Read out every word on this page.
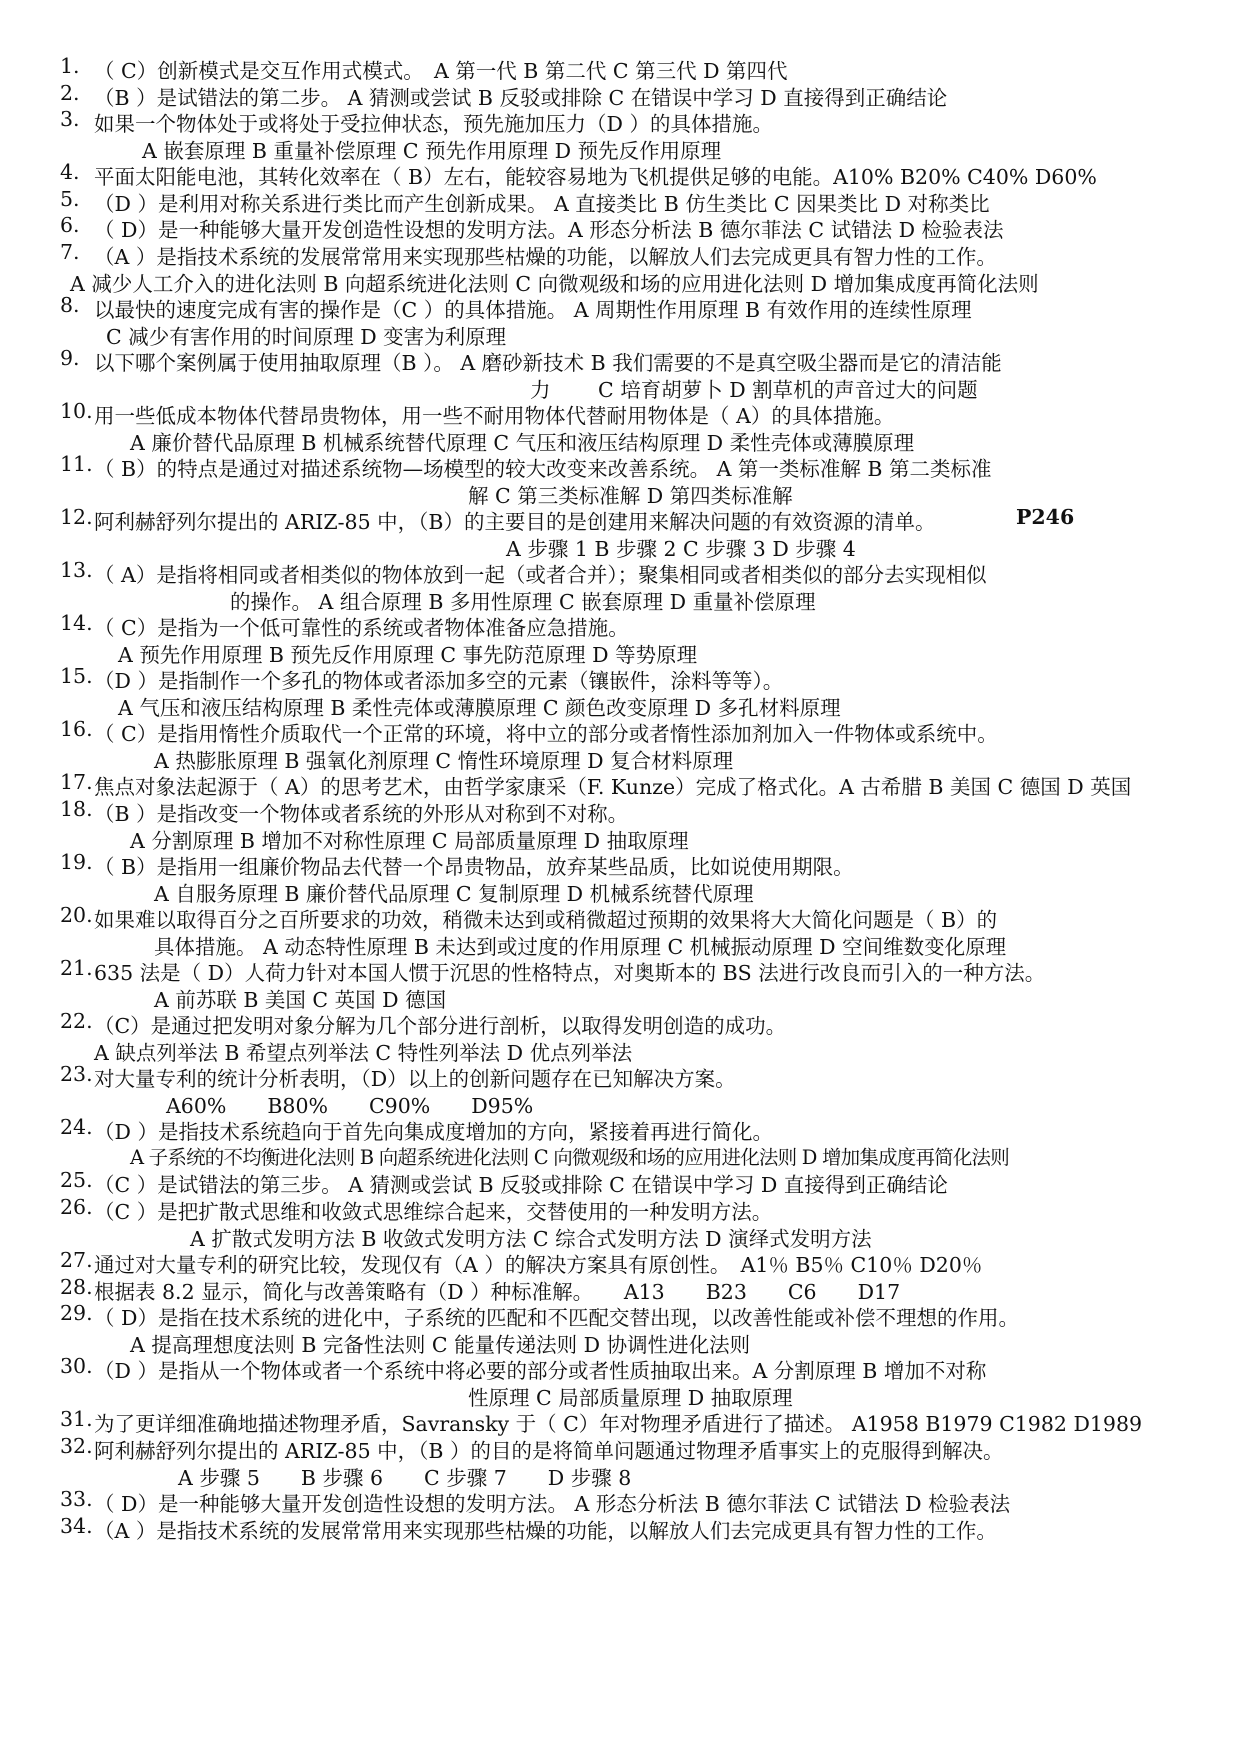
1. （ C）创新模式是交互作用式模式。　A 第一代 B 第二代 C 第三代 D 第四代
2. （B ）是试错法的第二步。 A 猜测或尝试 B 反驳或排除 C 在错误中学习 D 直接得到正确结论
3. 如果一个物体处于或将处于受拉伸状态，预先施加压力（D ）的具体措施。
A 嵌套原理 B 重量补偿原理 C 预先作用原理 D 预先反作用原理
4. 平面太阳能电池，其转化效率在（ B）左右，能较容易地为飞机提供足够的电能。A10% B20% C40% D60%
5. （D ）是利用对称关系进行类比而产生创新成果。 A 直接类比 B 仿生类比 C 因果类比 D 对称类比
6. （ D）是一种能够大量开发创造性设想的发明方法。A 形态分析法 B 德尔菲法 C 试错法 D 检验表法
7. （A ）是指技术系统的发展常常用来实现那些枯燥的功能，以解放人们去完成更具有智力性的工作。
A 减少人工介入的进化法则 B 向超系统进化法则 C 向微观级和场的应用进化法则 D 增加集成度再简化法则
8. 以最快的速度完成有害的操作是（C ）的具体措施。 A 周期性作用原理 B 有效作用的连续性原理
C 减少有害作用的时间原理 D 变害为利原理
9. 以下哪个案例属于使用抽取原理（B ）。 A 磨砂新技术 B 我们需要的不是真空吸尘器而是它的清洁能
力　　 C 培育胡萝卜 D 割草机的声音过大的问题
10. 用一些低成本物体代替昂贵物体，用一些不耐用物体代替耐用物体是（ A）的具体措施。
A 廉价替代品原理 B 机械系统替代原理 C 气压和液压结构原理 D 柔性壳体或薄膜原理
11. （ B）的特点是通过对描述系统物—场模型的较大改变来改善系统。 A 第一类标准解 B 第二类标准
解 C 第三类标准解 D 第四类标准解
12. 阿利赫舒列尔提出的 ARIZ-85 中，（B）的主要目的是创建用来解决问题的有效资源的清单。	P246
A 步骤 1 B 步骤 2 C 步骤 3 D 步骤 4
13. （ A）是指将相同或者相类似的物体放到一起（或者合并）；聚集相同或者相类似的部分去实现相似
的操作。 A 组合原理 B 多用性原理 C 嵌套原理 D 重量补偿原理
14. （ C）是指为一个低可靠性的系统或者物体准备应急措施。
A 预先作用原理 B 预先反作用原理 C 事先防范原理 D 等势原理
15. （D ）是指制作一个多孔的物体或者添加多空的元素（镶嵌件，涂料等等）。
A 气压和液压结构原理 B 柔性壳体或薄膜原理 C 颜色改变原理 D 多孔材料原理
16. （ C）是指用惰性介质取代一个正常的环境，将中立的部分或者惰性添加剂加入一件物体或系统中。
A 热膨胀原理 B 强氧化剂原理 C 惰性环境原理 D 复合材料原理
17. 焦点对象法起源于（ A）的思考艺术，由哲学家康采（F. Kunze）完成了格式化。A 古希腊 B 美国 C 德国 D 英国
18. （B ）是指改变一个物体或者系统的外形从对称到不对称。
A 分割原理 B 增加不对称性原理 C 局部质量原理 D 抽取原理
19. （ B）是指用一组廉价物品去代替一个昂贵物品，放弃某些品质，比如说使用期限。
A 自服务原理 B 廉价替代品原理 C 复制原理 D 机械系统替代原理
20. 如果难以取得百分之百所要求的功效，稍微未达到或稍微超过预期的效果将大大简化问题是（ B）的
具体措施。 A 动态特性原理 B 未达到或过度的作用原理 C 机械振动原理 D 空间维数变化原理
21. 635 法是（ D）人荷力针对本国人惯于沉思的性格特点，对奥斯本的 BS 法进行改良而引入的一种方法。
A 前苏联 B 美国 C 英国 D 德国
22. （C）是通过把发明对象分解为几个部分进行剖析，以取得发明创造的成功。
A 缺点列举法 B 希望点列举法 C 特性列举法 D 优点列举法
23. 对大量专利的统计分析表明，（D）以上的创新问题存在已知解决方案。
A60%　　B80%　　C90%　　D95%
24. （D ）是指技术系统趋向于首先向集成度增加的方向，紧接着再进行简化。
A 子系统的不均衡进化法则 B 向超系统进化法则 C 向微观级和场的应用进化法则 D 增加集成度再简化法则
25. （C ）是试错法的第三步。 A 猜测或尝试 B 反驳或排除 C 在错误中学习 D 直接得到正确结论
26. （C ）是把扩散式思维和收敛式思维综合起来，交替使用的一种发明方法。
A 扩散式发明方法 B 收敛式发明方法 C 综合式发明方法 D 演绎式发明方法
27. 通过对大量专利的研究比较，发现仅有（A ）的解决方案具有原创性。　A1％ B5％ C10％ D20％
28. 根据表 8.2 显示，简化与改善策略有（D ）种标准解。　　A13　　B23　　C6　　D17
29. （ D）是指在技术系统的进化中，子系统的匹配和不匹配交替出现，以改善性能或补偿不理想的作用。
A 提高理想度法则 B 完备性法则 C 能量传递法则 D 协调性进化法则
30. （D ）是指从一个物体或者一个系统中将必要的部分或者性质抽取出来。A 分割原理 B 增加不对称
性原理 C 局部质量原理 D 抽取原理
31. 为了更详细准确地描述物理矛盾，Savransky 于（ C）年对物理矛盾进行了描述。 A1958 B1979 C1982 D1989
32. 阿利赫舒列尔提出的 ARIZ-85 中，（B ）的目的是将简单问题通过物理矛盾事实上的克服得到解决。
A 步骤 5　　B 步骤 6　　C 步骤 7　　D 步骤 8
33. （ D）是一种能够大量开发创造性设想的发明方法。 A 形态分析法 B 德尔菲法 C 试错法 D 检验表法
34. （A ）是指技术系统的发展常常用来实现那些枯燥的功能，以解放人们去完成更具有智力性的工作。
